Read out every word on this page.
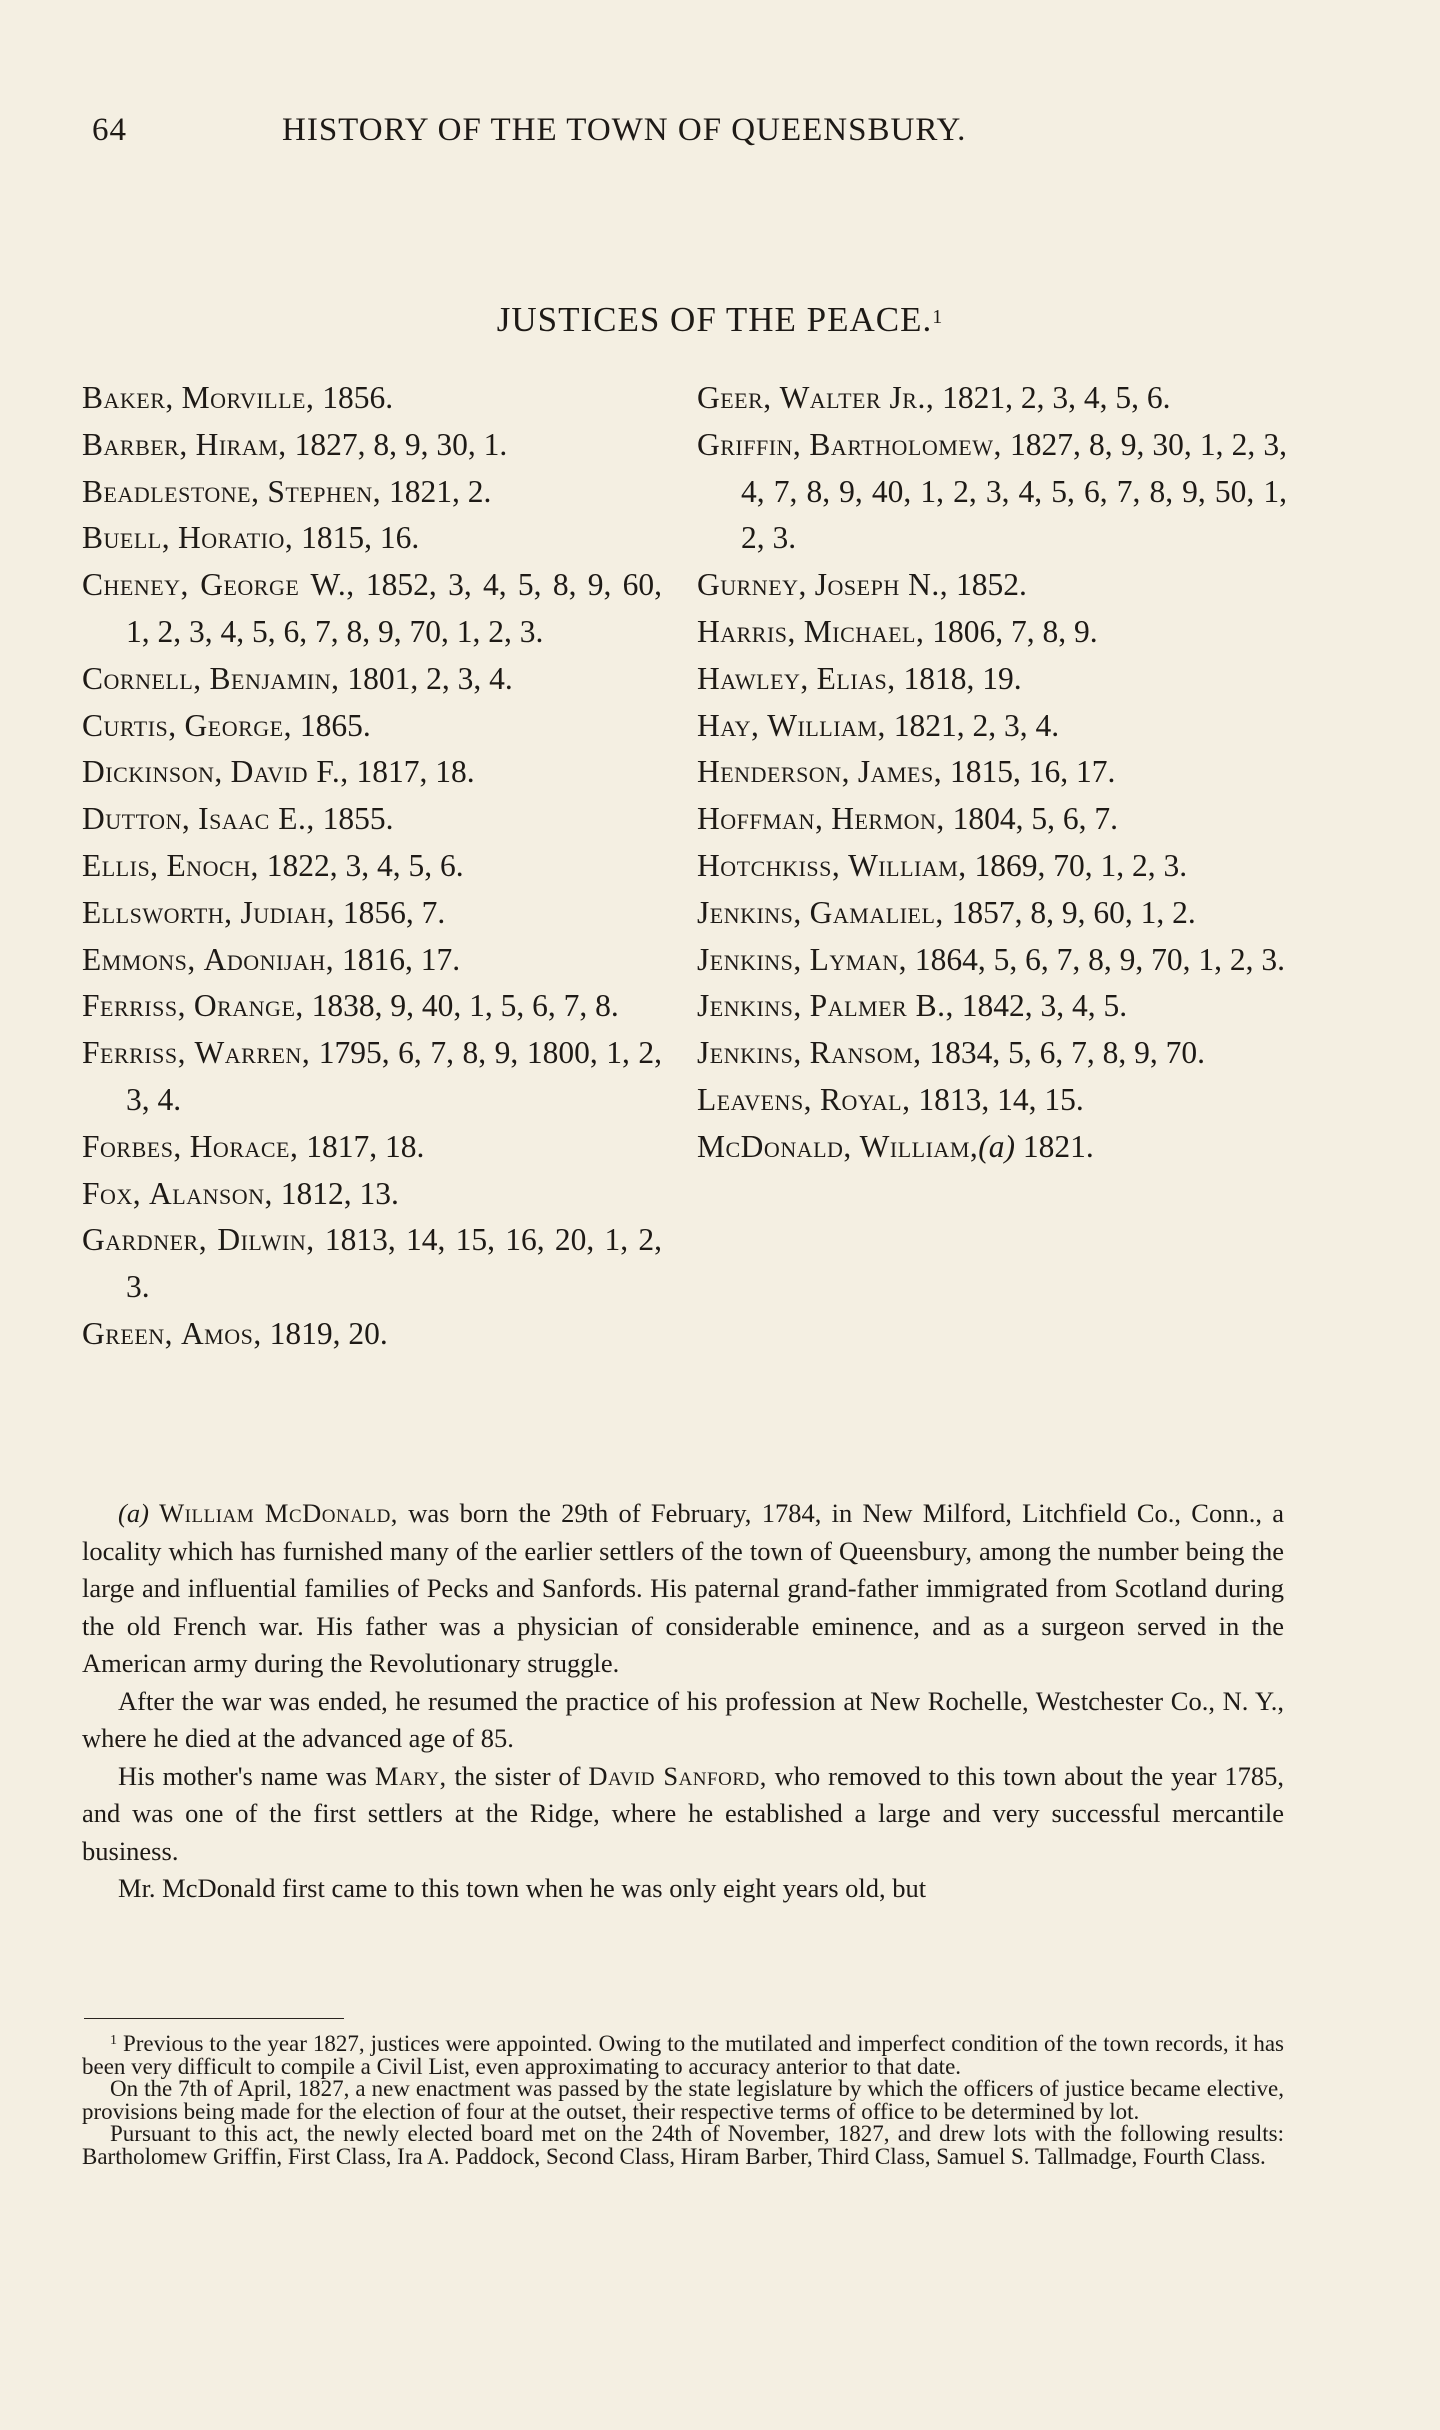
64	HISTORY OF THE TOWN OF QUEENSBURY.
JUSTICES OF THE PEACE.$^1$
Baker, Morville, 1856.
Barber, Hiram, 1827, 8, 9, 30, 1.
Beadlestone, Stephen, 1821, 2.
Buell, Horatio, 1815, 16.
Cheney, George W., 1852, 3, 4, 5, 8, 9, 60, 1, 2, 3, 4, 5, 6, 7, 8, 9, 70, 1, 2, 3.
Cornell, Benjamin, 1801, 2, 3, 4.
Curtis, George, 1865.
Dickinson, David F., 1817, 18.
Dutton, Isaac E., 1855.
Ellis, Enoch, 1822, 3, 4, 5, 6.
Ellsworth, Judiah, 1856, 7.
Emmons, Adonijah, 1816, 17.
Ferriss, Orange, 1838, 9, 40, 1, 5, 6, 7, 8.
Ferriss, Warren, 1795, 6, 7, 8, 9, 1800, 1, 2, 3, 4.
Forbes, Horace, 1817, 18.
Fox, Alanson, 1812, 13.
Gardner, Dilwin, 1813, 14, 15, 16, 20, 1, 2, 3.
Green, Amos, 1819, 20.
Geer, Walter Jr., 1821, 2, 3, 4, 5, 6.
Griffin, Bartholomew, 1827, 8, 9, 30, 1, 2, 3, 4, 7, 8, 9, 40, 1, 2, 3, 4, 5, 6, 7, 8, 9, 50, 1, 2, 3.
Gurney, Joseph N., 1852.
Harris, Michael, 1806, 7, 8, 9.
Hawley, Elias, 1818, 19.
Hay, William, 1821, 2, 3, 4.
Henderson, James, 1815, 16, 17.
Hoffman, Hermon, 1804, 5, 6, 7.
Hotchkiss, William, 1869, 70, 1, 2, 3.
Jenkins, Gamaliel, 1857, 8, 9, 60, 1, 2.
Jenkins, Lyman, 1864, 5, 6, 7, 8, 9, 70, 1, 2, 3.
Jenkins, Palmer B., 1842, 3, 4, 5.
Jenkins, Ransom, 1834, 5, 6, 7, 8, 9, 70.
Leavens, Royal, 1813, 14, 15.
McDonald, William,(a) 1821.

(a) William McDonald, was born the 29th of February, 1784, in New Milford, Litchfield Co., Conn., a locality which has furnished many of the earlier settlers of the town of Queensbury, among the number being the large and influential families of Pecks and Sanfords. His paternal grand-father immigrated from Scotland during the old French war. His father was a physician of considerable eminence, and as a surgeon served in the American army during the Revolutionary struggle.

After the war was ended, he resumed the practice of his profession at New Rochelle, Westchester Co., N. Y., where he died at the advanced age of 85.

His mother's name was Mary, the sister of David Sanford, who removed to this town about the year 1785, and was one of the first settlers at the Ridge, where he established a large and very successful mercantile business.

Mr. McDonald first came to this town when he was only eight years old, but

$^1$ Previous to the year 1827, justices were appointed. Owing to the mutilated and imperfect condition of the town records, it has been very difficult to compile a Civil List, even approximating to accuracy anterior to that date.

On the 7th of April, 1827, a new enactment was passed by the state legislature by which the officers of justice became elective, provisions being made for the election of four at the outset, their respective terms of office to be determined by lot.

Pursuant to this act, the newly elected board met on the 24th of November, 1827, and drew lots with the following results: Bartholomew Griffin, First Class, Ira A. Paddock, Second Class, Hiram Barber, Third Class, Samuel S. Tallmadge, Fourth Class.
